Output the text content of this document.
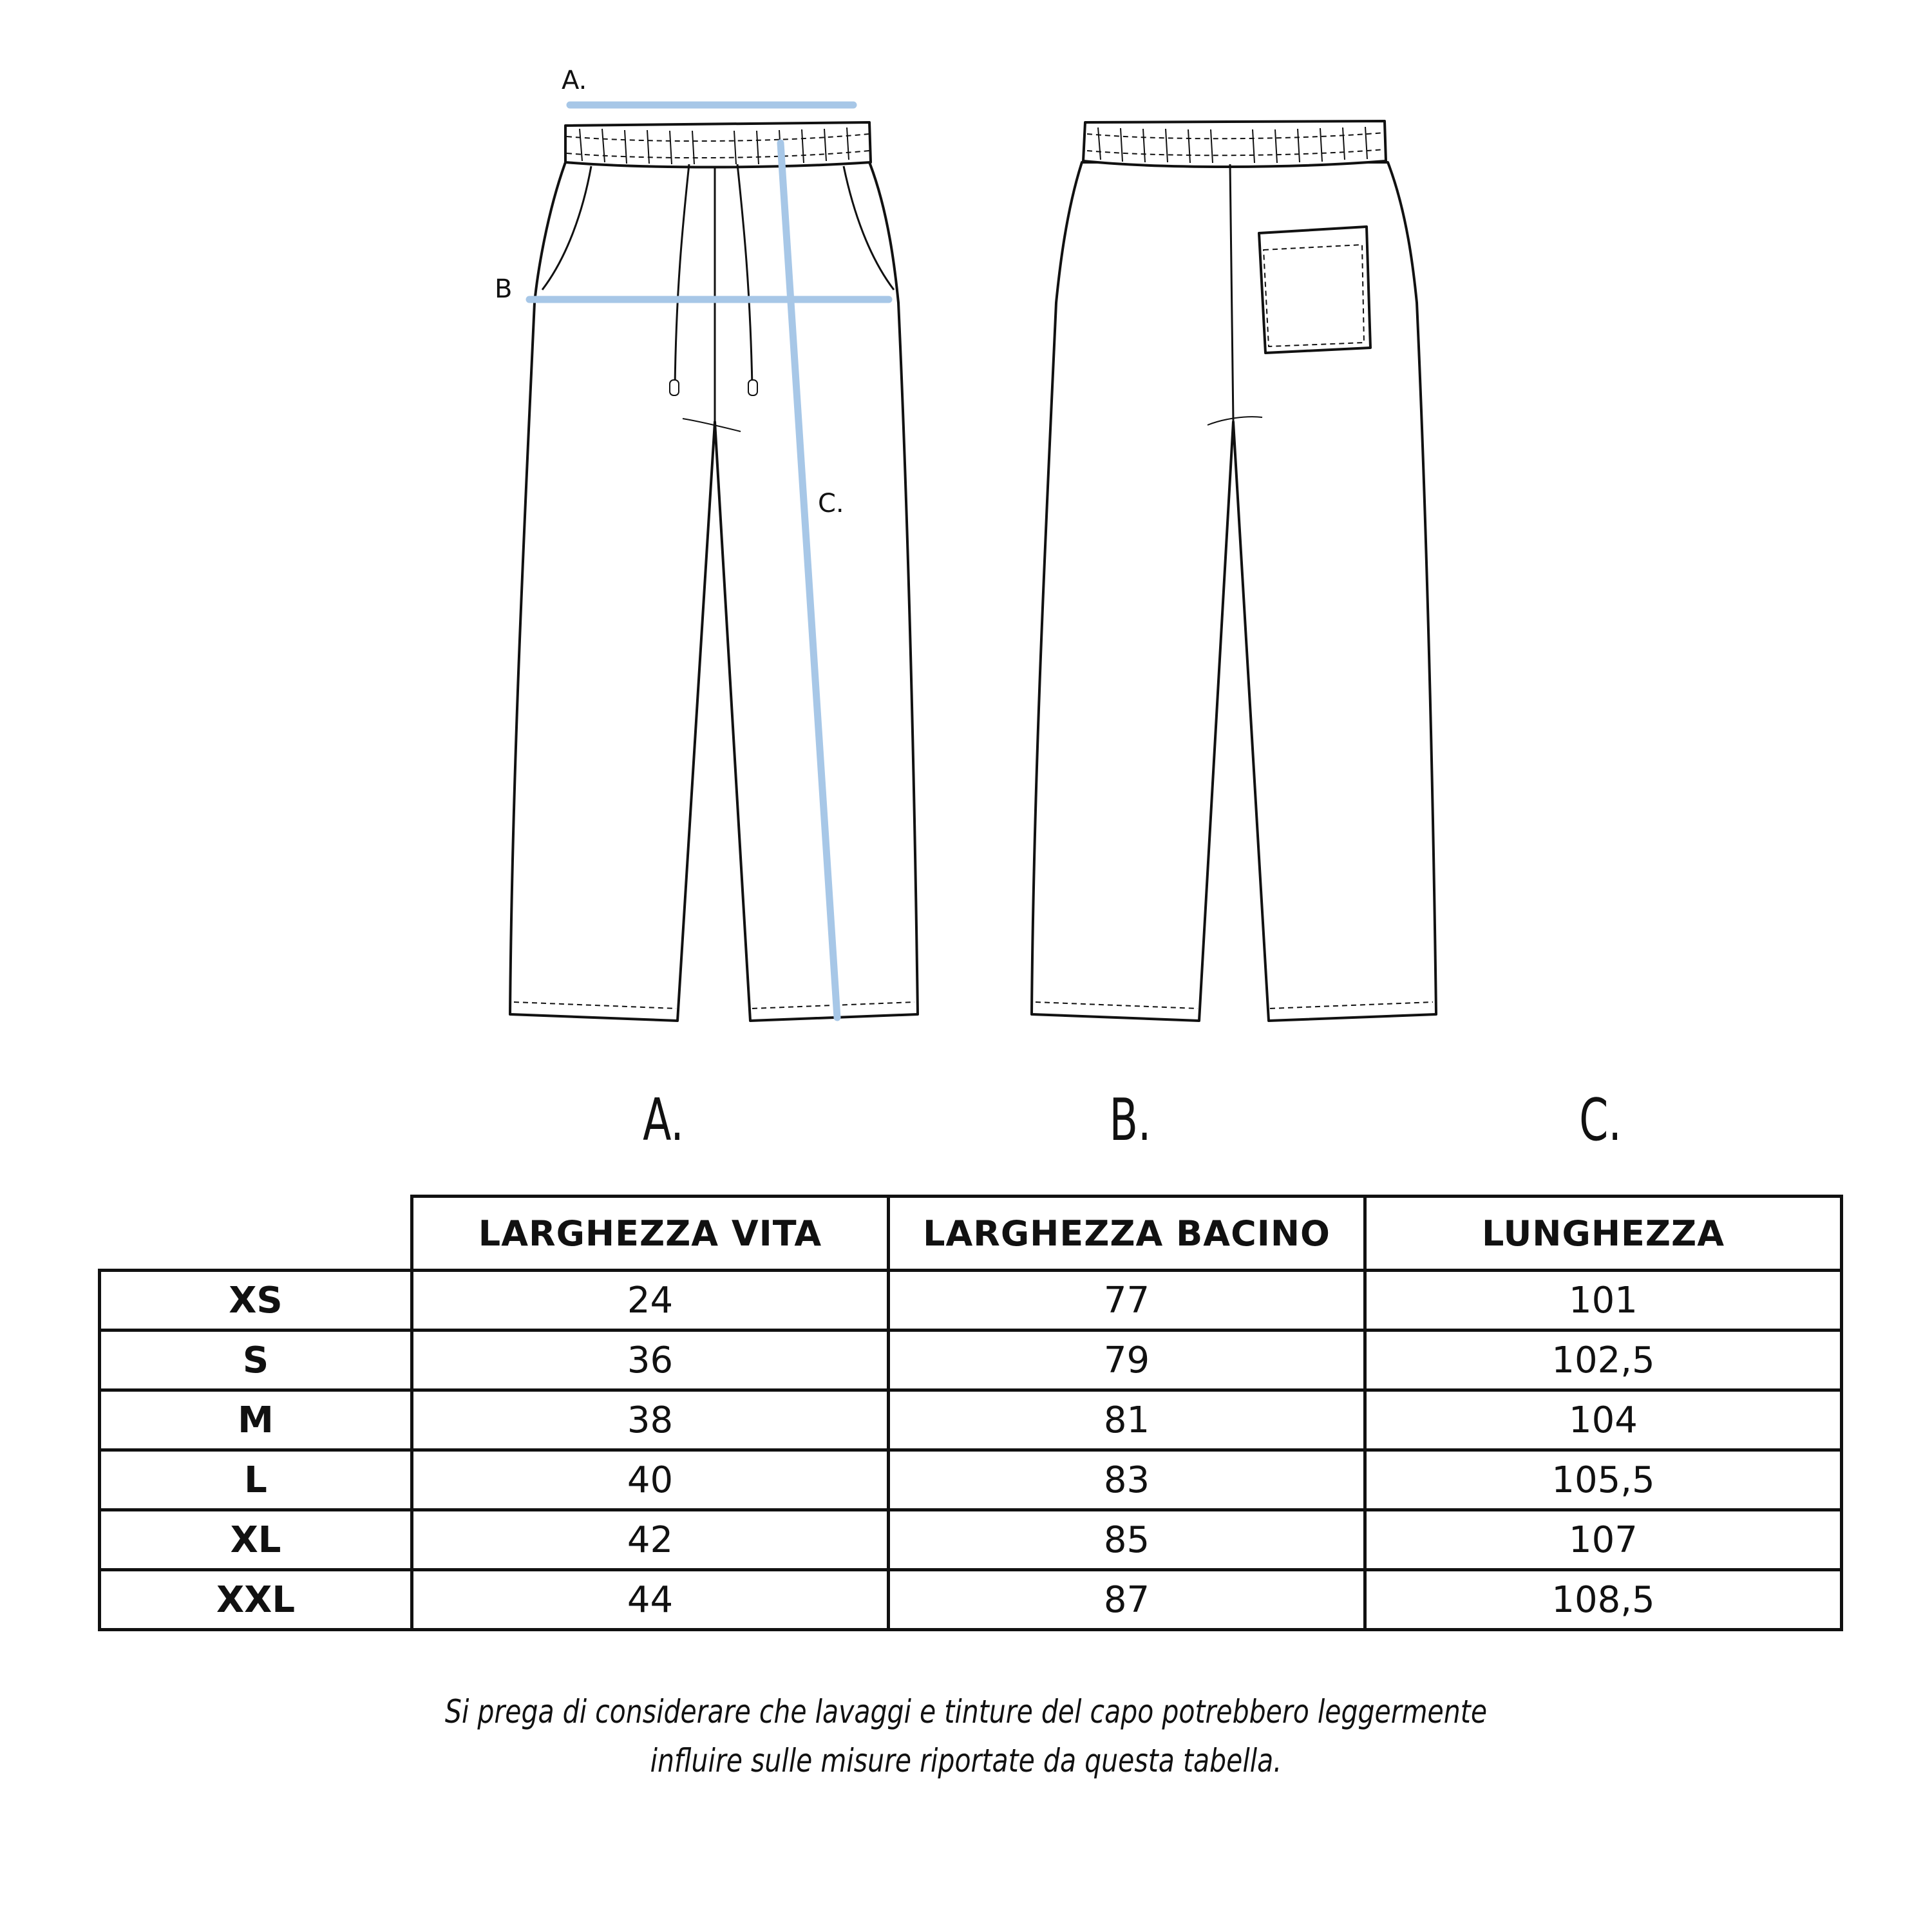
A.
B
C.
A.	B.	C.
	LARGHEZZA VITA	LARGHEZZA BACINO	LUNGHEZZA
XS	24	77	101
S	36	79	102,5
M	38	81	104
L	40	83	105,5
XL	42	85	107
XXL	44	87	108,5
Si prega di considerare che lavaggi e tinture del capo potrebbero leggermente
influire sulle misure riportate da questa tabella.
